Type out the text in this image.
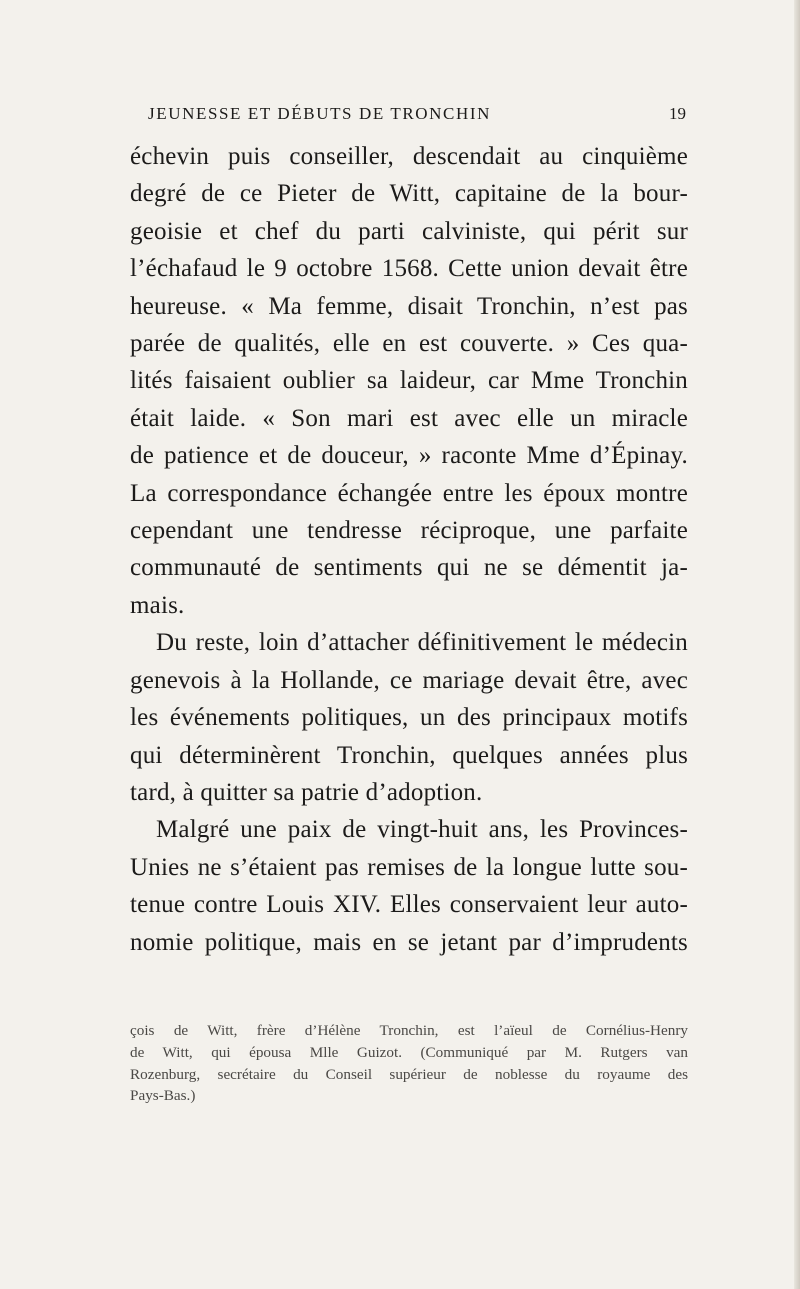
JEUNESSE ET DÉBUTS DE TRONCHIN	19
échevin puis conseiller, descendait au cinquième
degré de ce Pieter de Witt, capitaine de la bour-
geoisie et chef du parti calviniste, qui périt sur
l’échafaud le 9 octobre 1568. Cette union devait être
heureuse. « Ma femme, disait Tronchin, n’est pas
parée de qualités, elle en est couverte. » Ces qua-
lités faisaient oublier sa laideur, car Mme Tronchin
était laide. « Son mari est avec elle un miracle
de patience et de douceur, » raconte Mme d’Épinay.
La correspondance échangée entre les époux montre
cependant une tendresse réciproque, une parfaite
communauté de sentiments qui ne se démentit ja-
mais.
Du reste, loin d’attacher définitivement le médecin
genevois à la Hollande, ce mariage devait être, avec
les événements politiques, un des principaux motifs
qui déterminèrent Tronchin, quelques années plus
tard, à quitter sa patrie d’adoption.
Malgré une paix de vingt-huit ans, les Provinces-
Unies ne s’étaient pas remises de la longue lutte sou-
tenue contre Louis XIV. Elles conservaient leur auto-
nomie politique, mais en se jetant par d’imprudents
çois de Witt, frère d’Hélène Tronchin, est l’aïeul de Cornélius-Henry
de Witt, qui épousa Mlle Guizot. (Communiqué par M. Rutgers van
Rozenburg, secrétaire du Conseil supérieur de noblesse du royaume des
Pays-Bas.)
